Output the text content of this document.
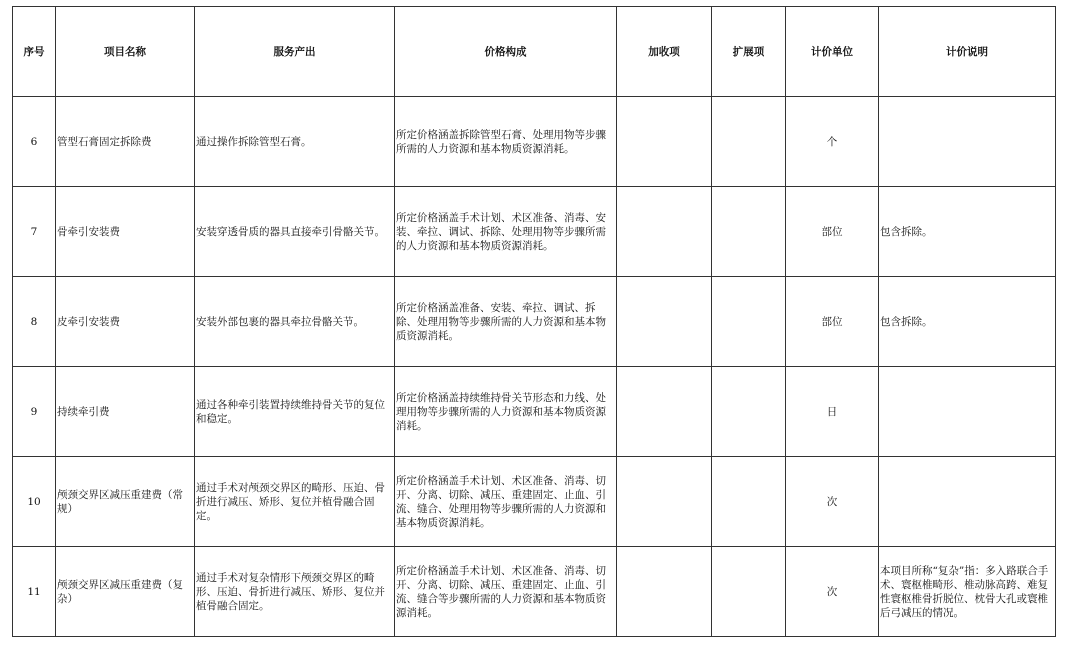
序号	项目名称	服务产出	价格构成	加收项	扩展项	计价单位	计价说明
6	管型石膏固定拆除费	通过操作拆除管型石膏。	所定价格涵盖拆除管型石膏、处理用物等步骤所需的人力资源和基本物质资源消耗。			个	
7	骨牵引安装费	安装穿透骨质的器具直接牵引骨骼关节。	所定价格涵盖手术计划、术区准备、消毒、安装、牵拉、调试、拆除、处理用物等步骤所需的人力资源和基本物质资源消耗。			部位	包含拆除。
8	皮牵引安装费	安装外部包裹的器具牵拉骨骼关节。	所定价格涵盖准备、安装、牵拉、调试、拆除、处理用物等步骤所需的人力资源和基本物质资源消耗。			部位	包含拆除。
9	持续牵引费	通过各种牵引装置持续维持骨关节的复位和稳定。	所定价格涵盖持续维持骨关节形态和力线、处理用物等步骤所需的人力资源和基本物质资源消耗。			日	
10	颅颈交界区减压重建费（常规）	通过手术对颅颈交界区的畸形、压迫、骨折进行减压、矫形、复位并植骨融合固定。	所定价格涵盖手术计划、术区准备、消毒、切开、分离、切除、减压、重建固定、止血、引流、缝合、处理用物等步骤所需的人力资源和基本物质资源消耗。			次	
11	颅颈交界区减压重建费（复杂）	通过手术对复杂情形下颅颈交界区的畸形、压迫、骨折进行减压、矫形、复位并植骨融合固定。	所定价格涵盖手术计划、术区准备、消毒、切开、分离、切除、减压、重建固定、止血、引流、缝合等步骤所需的人力资源和基本物质资源消耗。			次	本项目所称“复杂”指：多入路联合手术、寰枢椎畸形、椎动脉高跨、难复性寰枢椎骨折脱位、枕骨大孔或寰椎后弓减压的情况。
